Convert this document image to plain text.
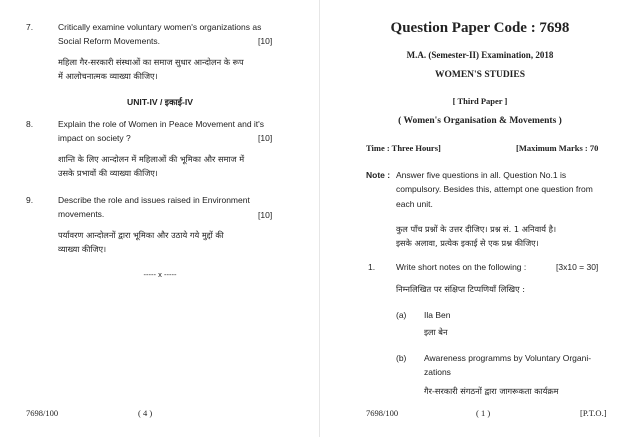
7.	Critically examine voluntary women's organizations as
Social Reform Movements.	[10]
महिला गैर-सरकारी संस्थाओं का समाज सुधार आन्दोलन के रूप
में आलोचनात्मक व्याख्या कीजिए।
UNIT-IV / इकाई-IV
8.	Explain the role of Women in Peace Movement and it's
impact on society ?	[10]
शान्ति के लिए आन्दोलन में महिलाओं की भूमिका और समाज में
उसके प्रभावों की व्याख्या कीजिए।
9.	Describe the role and issues raised in Environment
movements.	[10]
पर्यावरण आन्दोलनों द्वारा भूमिका और उठाये गये मुद्दों की
व्याख्या कीजिए।
----- x -----
7698/100	( 4 )
Question Paper Code : 7698
M.A. (Semester-II) Examination, 2018
WOMEN'S STUDIES
[ Third Paper ]
( Women's Organisation & Movements )
Time : Three Hours]	[Maximum Marks : 70
Note : Answer five questions in all. Question No.1 is
compulsory. Besides this, attempt one question from
each unit.
कुल पाँच प्रश्नों के उत्तर दीजिए। प्रश्न सं. 1 अनिवार्य है।
इसके अलावा, प्रत्येक इकाई से एक प्रश्न कीजिए।
1. Write short notes on the following :	[3x10 = 30]
निम्नलिखित पर संक्षिप्त टिप्पणियाँ लिखिए :
(a) Ila Ben
इला बेन
(b) Awareness programms by Voluntary Organi-
zations
गैर-सरकारी संगठनों द्वारा जागरूकता कार्यक्रम
7698/100	( 1 )	[P.T.O.]
